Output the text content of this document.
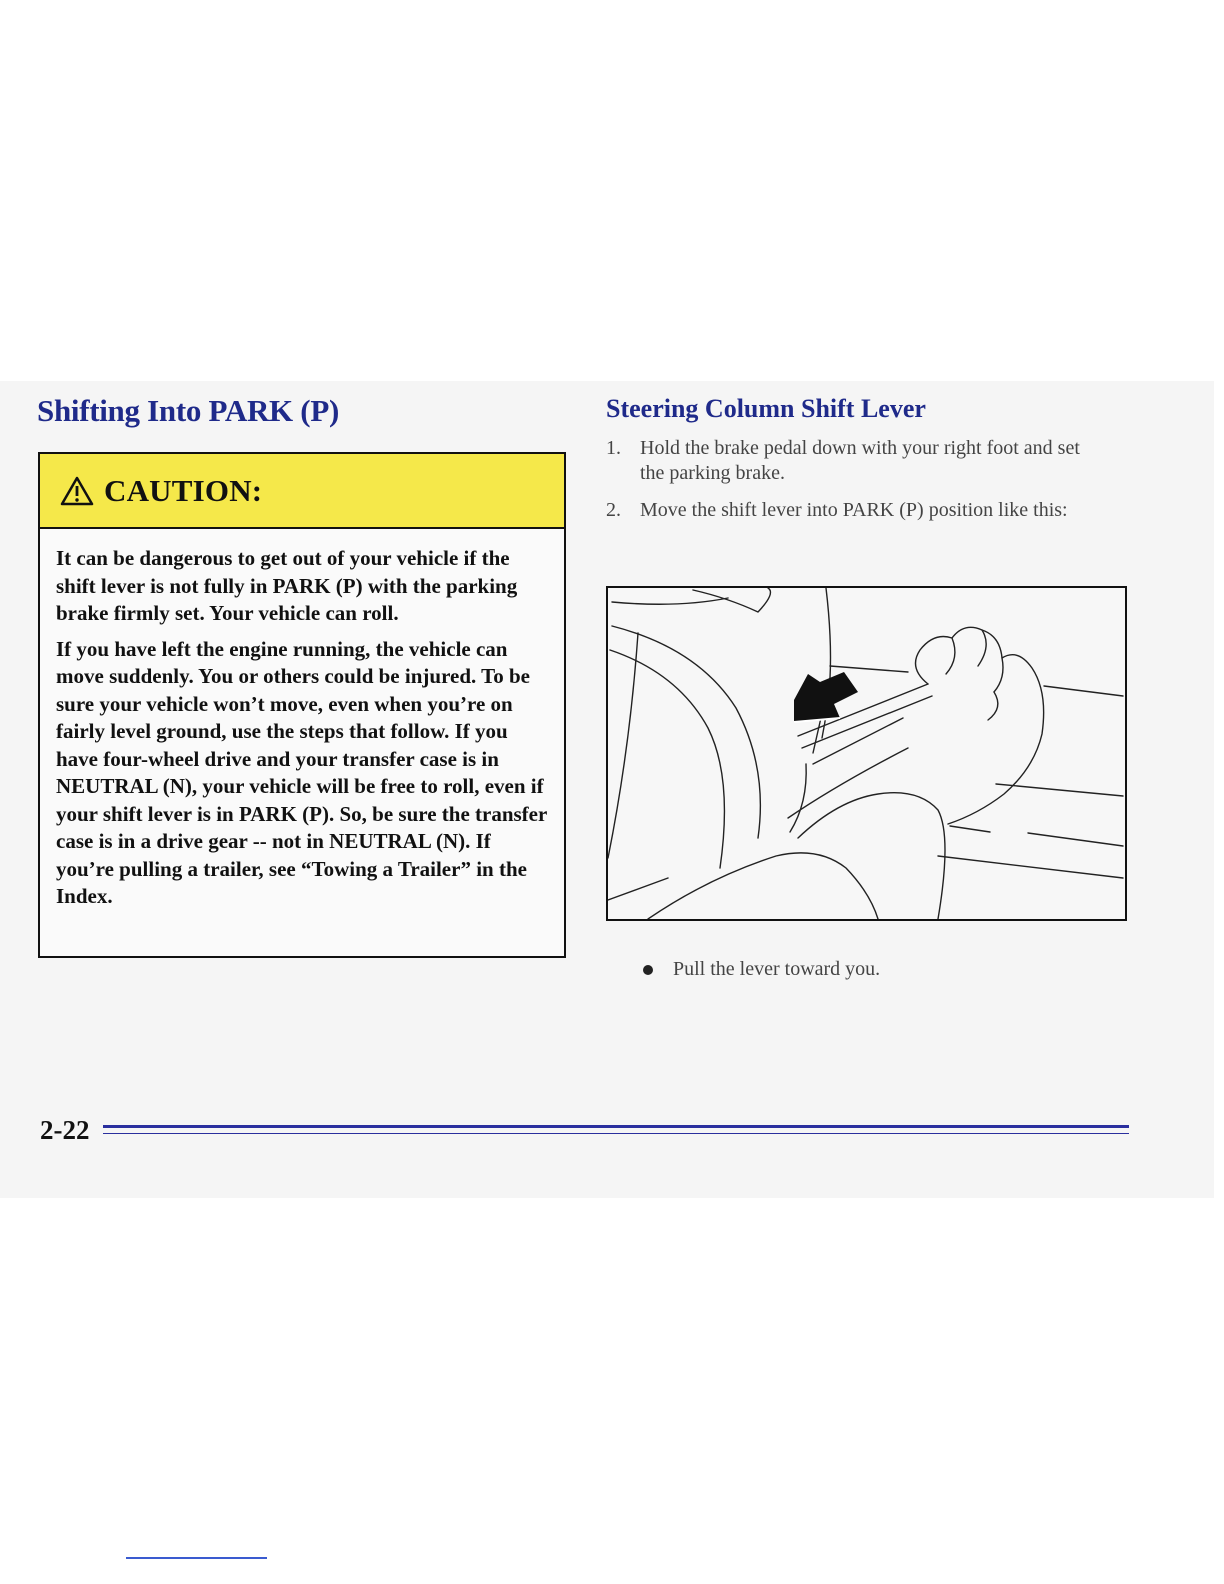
Shifting Into PARK (P)
CAUTION:

It can be dangerous to get out of your vehicle if the shift lever is not fully in PARK (P) with the parking brake firmly set. Your vehicle can roll.

If you have left the engine running, the vehicle can move suddenly. You or others could be injured. To be sure your vehicle won’t move, even when you’re on fairly level ground, use the steps that follow. If you have four-wheel drive and your transfer case is in NEUTRAL (N), your vehicle will be free to roll, even if your shift lever is in PARK (P). So, be sure the transfer case is in a drive gear -- not in NEUTRAL (N). If you’re pulling a trailer, see “Towing a Trailer” in the Index.

Steering Column Shift Lever
1. Hold the brake pedal down with your right foot and set the parking brake.
2. Move the shift lever into PARK (P) position like this:
Pull the lever toward you.
2-22
